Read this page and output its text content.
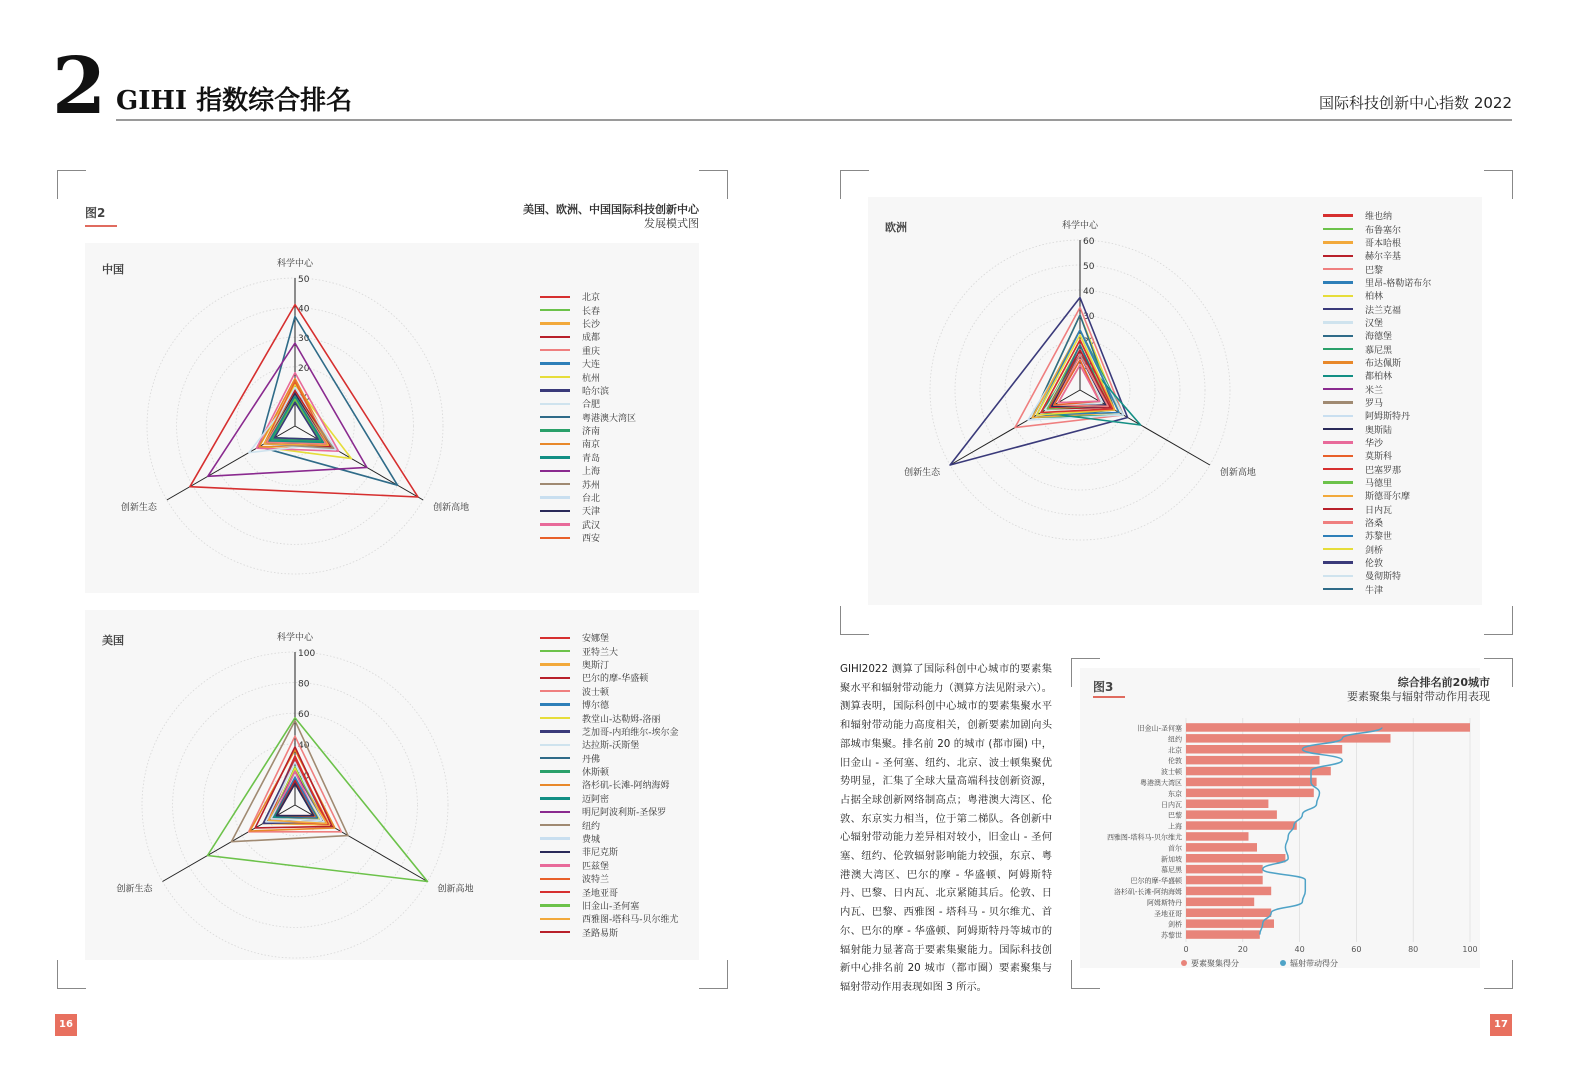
2 GIHI 指数综合排名	国际科技创新中心指数 2022
图2	美国、欧洲、中国国际科技创新中心
发展模式图
中国
10
20
30
40
50
科学中心
创新高地
创新生态
北京
长春
长沙
成都
重庆
大连
杭州
哈尔滨
合肥
粤港澳大湾区
济南
南京
青岛
上海
苏州
台北
天津
武汉
西安
美国
20
40
60
80
100
科学中心
创新高地
创新生态
安娜堡
亚特兰大
奥斯汀
巴尔的摩-华盛顿
波士顿
博尔德
教堂山-达勒姆-洛丽
芝加哥-内珀维尔-埃尔金
达拉斯-沃斯堡
丹佛
休斯顿
洛杉矶-长滩-阿纳海姆
迈阿密
明尼阿波利斯-圣保罗
纽约
费城
菲尼克斯
匹兹堡
波特兰
圣地亚哥
旧金山-圣何塞
西雅图-塔科马-贝尔维尤
圣路易斯
欧洲
10
20
30
40
50
60
科学中心
创新高地
创新生态
维也纳
布鲁塞尔
哥本哈根
赫尔辛基
巴黎
里昂-格勒诺布尔
柏林
法兰克福
汉堡
海德堡
慕尼黑
布达佩斯
都柏林
米兰
罗马
阿姆斯特丹
奥斯陆
华沙
莫斯科
巴塞罗那
马德里
斯德哥尔摩
日内瓦
洛桑
苏黎世
剑桥
伦敦
曼彻斯特
牛津
GIHI2022 测算了国际科创中心城市的要素集聚水平和辐射带动能力（测算方法见附录六）。测算表明，国际科创中心城市的要素集聚水平和辐射带动能力高度相关，创新要素加剧向头部城市集聚。排名前 20 的城市 (都市圈) 中，旧金山 - 圣何塞、纽约、北京、波士顿集聚优势明显，汇集了全球大量高端科技创新资源，占据全球创新网络制高点；粤港澳大湾区、伦敦、东京实力相当，位于第二梯队。各创新中心辐射带动能力差异相对较小，旧金山 - 圣何塞、纽约、伦敦辐射影响能力较强，东京、粤港澳大湾区、巴尔的摩 - 华盛顿、阿姆斯特丹、巴黎、日内瓦、北京紧随其后。伦敦、日内瓦、巴黎、西雅图 - 塔科马 - 贝尔维尤、首尔、巴尔的摩 - 华盛顿、阿姆斯特丹等城市的辐射能力显著高于要素集聚能力。国际科技创新中心排名前 20 城市（都市圈）要素聚集与辐射带动作用表现如图 3 所示。
图3	综合排名前20城市
要素聚集与辐射带动作用表现
0	20	40	60	80	100
旧金山-圣何塞
纽约
北京
伦敦
波士顿
粤港澳大湾区
东京
日内瓦
巴黎
上海
西雅图-塔科马-贝尔维尤
首尔
新加坡
慕尼黑
巴尔的摩-华盛顿
洛杉矶-长滩-阿纳海姆
阿姆斯特丹
圣地亚哥
剑桥
苏黎世
要素聚集得分	辐射带动得分
16	17
